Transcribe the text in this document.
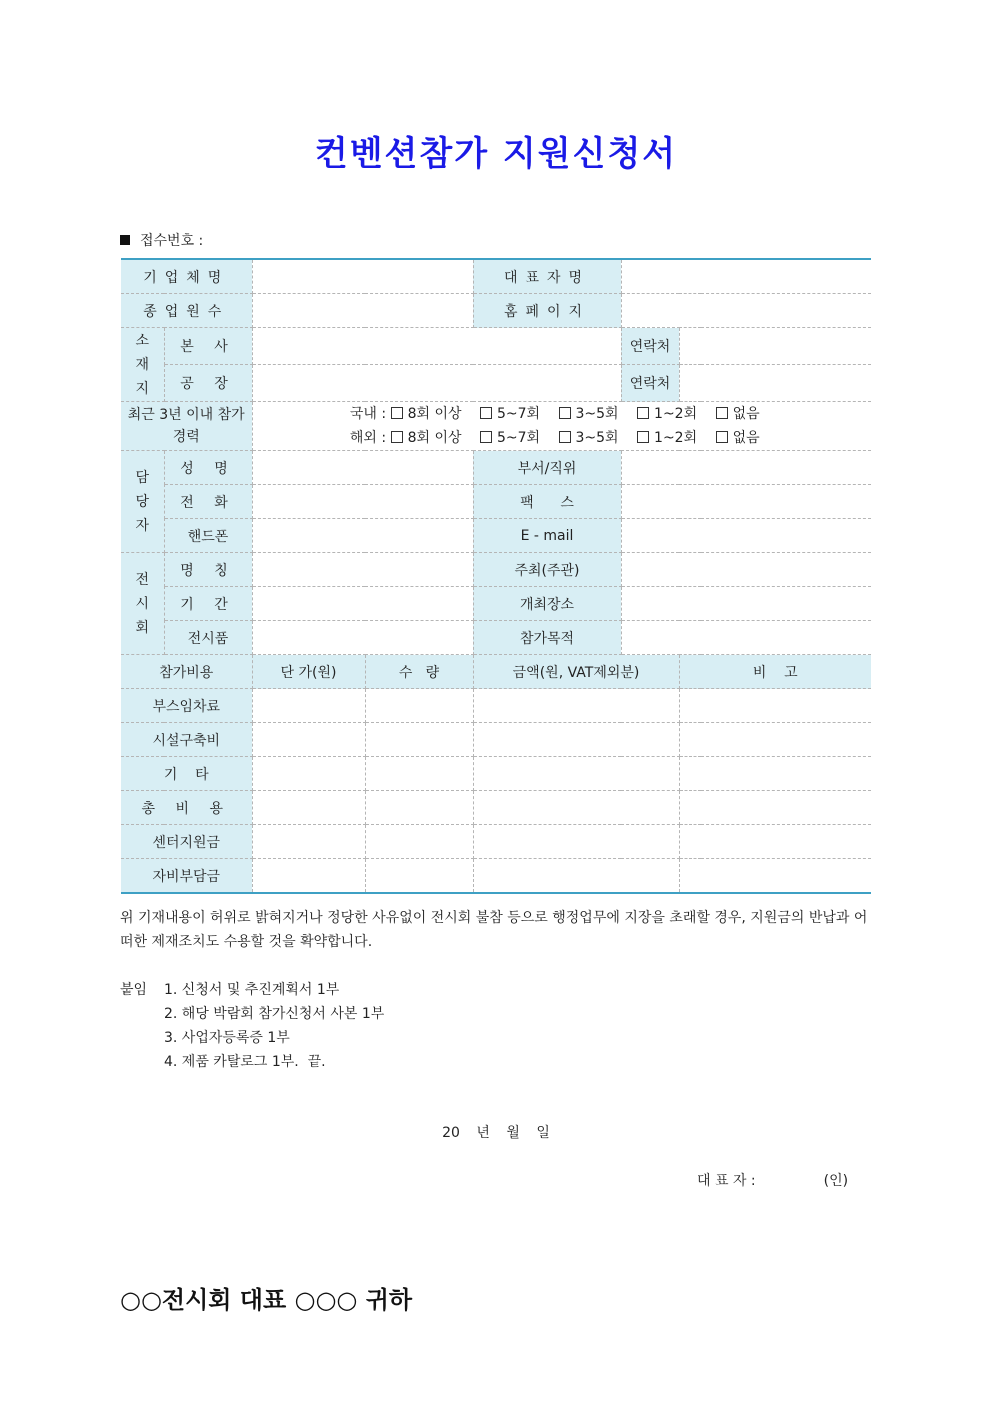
컨벤션참가 지원신청서
접수번호 :
기업체명				대표자명		
종업원수				홈페이지		
소
재
지	본 사				연락처	
	공 장				연락처	
최근 3년 이내 참가경력		국내 : 8회 이상 5~7회 3~5회 1~2회 없음
해외 : 8회 이상 5~7회 3~5회 1~2회 없음				

담
당
자	성 명			부서/직위		
	전 화			팩      스		
	핸드폰			E - mail		
전
시
회	명 칭			주최(주관)		
	기 간			개최장소		
	전시품			참가목적		
참가비용		단 가(원)	수   량	금액(원, VAT제외분)		비    고
부스임차료						
시설구축비						
기    타						
총 비 용						
센터지원금						
자비부담금						
위 기재내용이 허위로 밝혀지거나 정당한 사유없이 전시회 불참 등으로 행정업무에 지장을 초래할 경우, 지원금의 반납과 어떠한 제재조치도 수용할 것을 확약합니다.
붙임	1. 신청서 및 추진계획서 1부
2. 해당 박람회 참가신청서 사본 1부
3. 사업자등록증 1부
4. 제품 카탈로그 1부.  끝.
20 년 월 일
대 표 자 :	(인)
○○전시회 대표 ○○○ 귀하
